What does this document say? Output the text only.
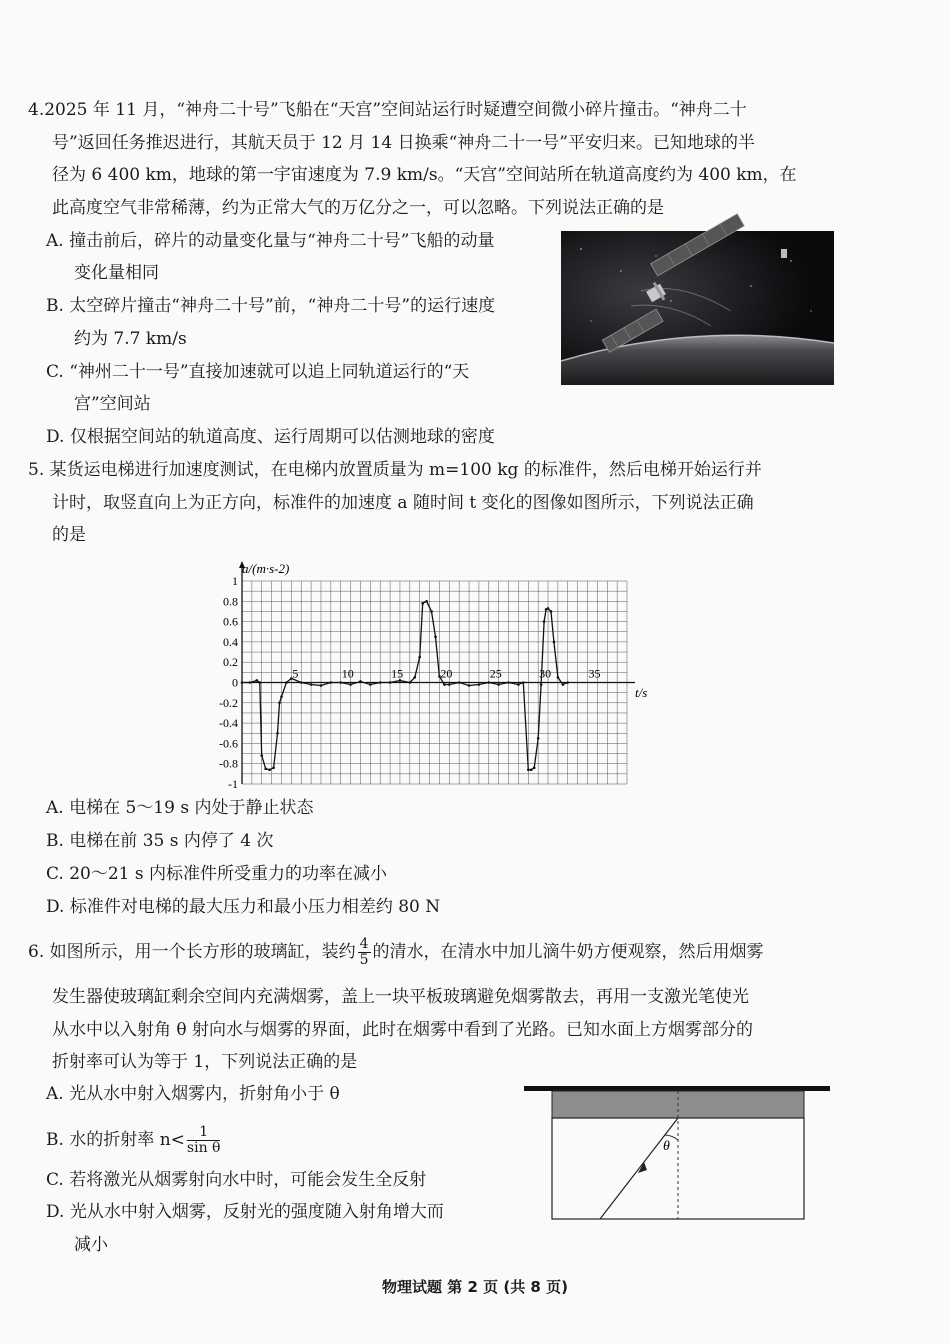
4.2025 年 11 月，“神舟二十号”飞船在“天宫”空间站运行时疑遭空间微小碎片撞击。“神舟二十
号”返回任务推迟进行，其航天员于 12 月 14 日换乘“神舟二十一号”平安归来。已知地球的半
径为 6 400 km，地球的第一宇宙速度为 7.9 km/s。“天宫”空间站所在轨道高度约为 400 km，在
此高度空气非常稀薄，约为正常大气的万亿分之一，可以忽略。下列说法正确的是
A. 撞击前后，碎片的动量变化量与“神舟二十号”飞船的动量
变化量相同
B. 太空碎片撞击“神舟二十号”前，“神舟二十号”的运行速度
约为 7.7 km/s
C. “神州二十一号”直接加速就可以追上同轨道运行的“天
宫”空间站
D. 仅根据空间站的轨道高度、运行周期可以估测地球的密度
5. 某货运电梯进行加速度测试，在电梯内放置质量为 m=100 kg 的标准件，然后电梯开始运行并
计时，取竖直向上为正方向，标准件的加速度 a 随时间 t 变化的图像如图所示，下列说法正确
的是
a/(m·s-2)
t/s
1
0.8
0.6
0.4
0.2
0
-0.2
-0.4
-0.6
-0.8
-1
5	10	15	20	25	30	35
A. 电梯在 5～19 s 内处于静止状态
B. 电梯在前 35 s 内停了 4 次
C. 20～21 s 内标准件所受重力的功率在减小
D. 标准件对电梯的最大压力和最小压力相差约 80 N
6. 如图所示，用一个长方形的玻璃缸，装约 $\frac{4}{5}$ 的清水，在清水中加儿滴牛奶方便观察，然后用烟雾
发生器使玻璃缸剩余空间内充满烟雾，盖上一块平板玻璃避免烟雾散去，再用一支激光笔使光
从水中以入射角 θ 射向水与烟雾的界面，此时在烟雾中看到了光路。已知水面上方烟雾部分的
折射率可认为等于 1，下列说法正确的是
A. 光从水中射入烟雾内，折射角小于 θ
B. 水的折射率 $n< \frac{1}{\text{sin θ}}$
C. 若将激光从烟雾射向水中时，可能会发生全反射
D. 光从水中射入烟雾，反射光的强度随入射角增大而
减小
θ
物理试题 第 2 页 (共 8 页)
